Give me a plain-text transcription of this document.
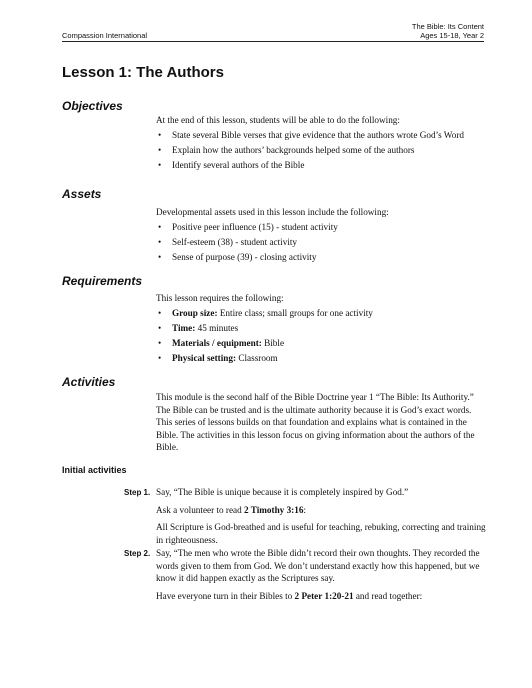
Compassion International
The Bible: Its Content
Ages 15-18, Year 2
Lesson 1: The Authors
Objectives

At the end of this lesson, students will be able to do the following:

• State several Bible verses that give evidence that the authors wrote God’s Word
• Explain how the authors’ backgrounds helped some of the authors
• Identify several authors of the Bible
Assets

Developmental assets used in this lesson include the following:

• Positive peer influence (15) - student activity
• Self-esteem (38) - student activity
• Sense of purpose (39) - closing activity
Requirements

This lesson requires the following:

• Group size: Entire class; small groups for one activity
• Time: 45 minutes
• Materials / equipment: Bible
• Physical setting: Classroom
Activities

This module is the second half of the Bible Doctrine year 1 “The Bible: Its Authority.” The Bible can be trusted and is the ultimate authority because it is God’s exact words. This series of lessons builds on that foundation and explains what is contained in the Bible. The activities in this lesson focus on giving information about the authors of the Bible.

Initial activities
Step 1. Say, “The Bible is unique because it is completely inspired by God.”

Ask a volunteer to read 2 Timothy 3:16:

All Scripture is God-breathed and is useful for teaching, rebuking, correcting and training in righteousness.

Step 2. Say, “The men who wrote the Bible didn’t record their own thoughts. They recorded the words given to them from God. We don’t understand exactly how this happened, but we know it did happen exactly as the Scriptures say.

Have everyone turn in their Bibles to 2 Peter 1:20-21 and read together:
